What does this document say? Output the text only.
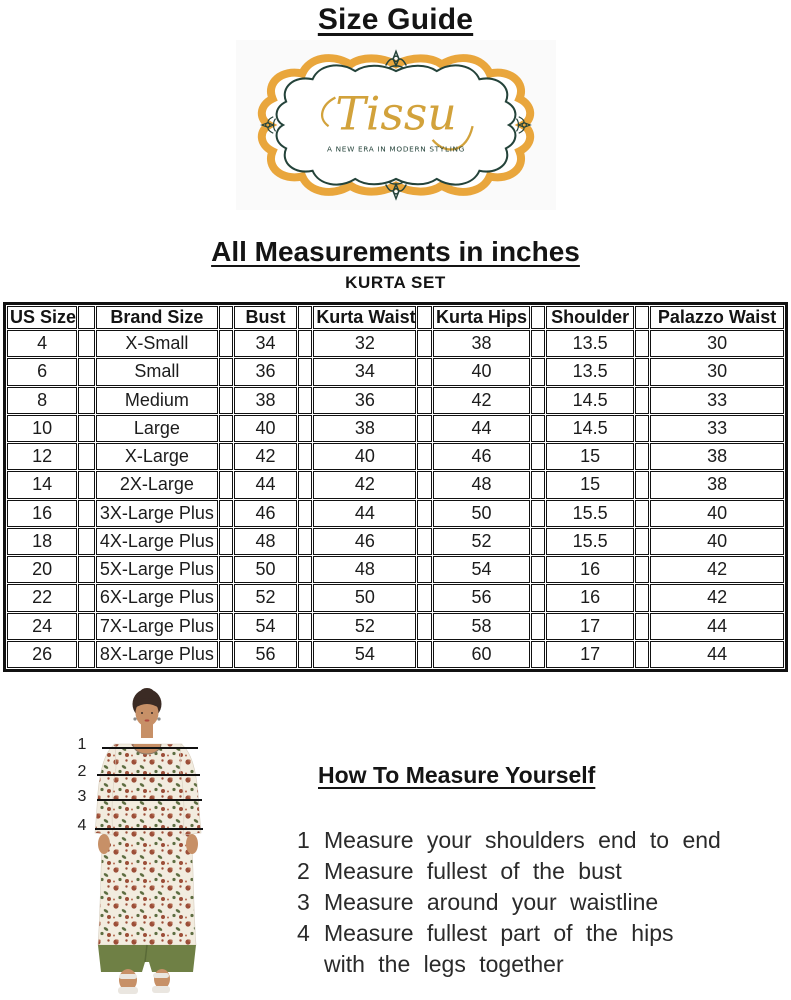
Size Guide
Tissu
A NEW ERA IN MODERN STYLING
All Measurements in inches
KURTA SET
US Size		Brand Size		Bust		Kurta Waist		Kurta Hips		Shoulder		Palazzo Waist
4		X-Small		34		32		38		13.5		30
6		Small		36		34		40		13.5		30
8		Medium		38		36		42		14.5		33
10		Large		40		38		44		14.5		33
12		X-Large		42		40		46		15		38
14		2X-Large		44		42		48		15		38
16		3X-Large Plus		46		44		50		15.5		40
18		4X-Large Plus		48		46		52		15.5		40
20		5X-Large Plus		50		48		54		16		42
22		6X-Large Plus		52		50		56		16		42
24		7X-Large Plus		54		52		58		17		44
26		8X-Large Plus		56		54		60		17		44
1
2
3
4
How To Measure Yourself
1 Measure your shoulders end to end
2 Measure fullest of the bust
3 Measure around your waistline
4 Measure fullest part of the hips
with the legs together
